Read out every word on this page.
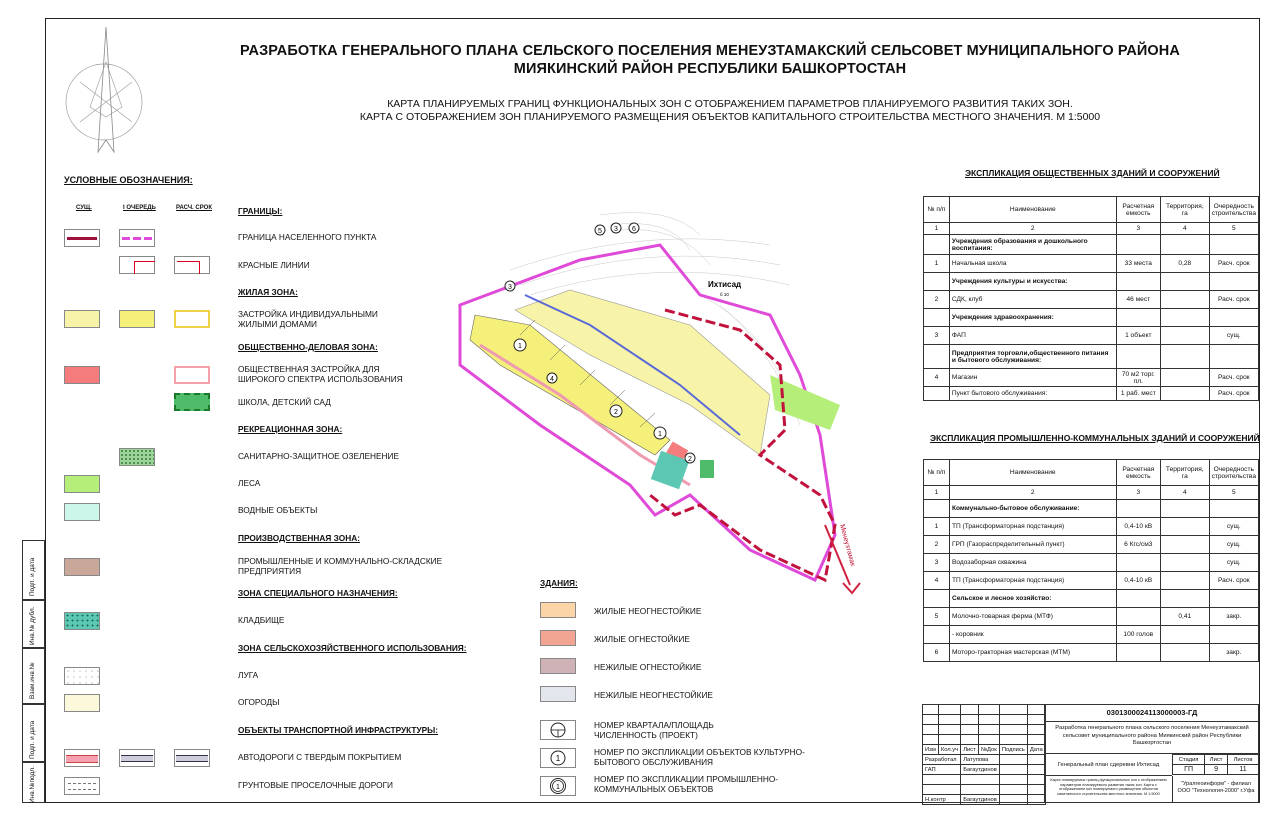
РАЗРАБОТКА ГЕНЕРАЛЬНОГО ПЛАНА СЕЛЬСКОГО ПОСЕЛЕНИЯ МЕНЕУЗТАМАКСКИЙ СЕЛЬСОВЕТ МУНИЦИПАЛЬНОГО РАЙОНА
МИЯКИНСКИЙ РАЙОН РЕСПУБЛИКИ БАШКОРТОСТАН
КАРТА ПЛАНИРУЕМЫХ ГРАНИЦ ФУНКЦИОНАЛЬНЫХ ЗОН С ОТОБРАЖЕНИЕМ ПАРАМЕТРОВ ПЛАНИРУЕМОГО РАЗВИТИЯ ТАКИХ ЗОН.
КАРТА С ОТОБРАЖЕНИЕМ ЗОН ПЛАНИРУЕМОГО РАЗМЕЩЕНИЯ ОБЪЕКТОВ КАПИТАЛЬНОГО СТРОИТЕЛЬСТВА МЕСТНОГО ЗНАЧЕНИЯ. М 1:5000
УСЛОВНЫЕ ОБОЗНАЧЕНИЯ:
СУЩ.	I ОЧЕРЕДЬ	РАСЧ. СРОК	ГРАНИЦЫ:
ГРАНИЦА НАСЕЛЕННОГО ПУНКТА
КРАСНЫЕ ЛИНИИ
ЖИЛАЯ ЗОНА:
ЗАСТРОЙКА ИНДИВИДУАЛЬНЫМИ
ЖИЛЫМИ ДОМАМИ
ОБЩЕСТВЕННО-ДЕЛОВАЯ ЗОНА:
ОБЩЕСТВЕННАЯ ЗАСТРОЙКА ДЛЯ
ШИРОКОГО СПЕКТРА ИСПОЛЬЗОВАНИЯ
ШКОЛА, ДЕТСКИЙ САД
РЕКРЕАЦИОННАЯ ЗОНА:
САНИТАРНО-ЗАЩИТНОЕ ОЗЕЛЕНЕНИЕ
ЛЕСА
ВОДНЫЕ ОБЪЕКТЫ
ПРОИЗВОДСТВЕННАЯ ЗОНА:
ПРОМЫШЛЕННЫЕ И КОММУНАЛЬНО-СКЛАДСКИЕ
ПРЕДПРИЯТИЯ
ЗОНА СПЕЦИАЛЬНОГО НАЗНАЧЕНИЯ:
КЛАДБИЩЕ
ЗОНА СЕЛЬСКОХОЗЯЙСТВЕННОГО ИСПОЛЬЗОВАНИЯ:
ЛУГА
ОГОРОДЫ
ОБЪЕКТЫ ТРАНСПОРТНОЙ ИНФРАСТРУКТУРЫ:
АВТОДОРОГИ С ТВЕРДЫМ ПОКРЫТИЕМ
ГРУНТОВЫЕ ПРОСЕЛОЧНЫЕ ДОРОГИ
ЗДАНИЯ:
ЖИЛЫЕ НЕОГНЕСТОЙКИЕ
ЖИЛЫЕ ОГНЕСТОЙКИЕ
НЕЖИЛЫЕ ОГНЕСТОЙКИЕ
НЕЖИЛЫЕ НЕОГНЕСТОЙКИЕ
НОМЕР КВАРТАЛА/ПЛОЩАДЬ
ЧИСЛЕННОСТЬ (ПРОЕКТ)
1
НОМЕР ПО ЭКСПЛИКАЦИИ ОБЪЕКТОВ КУЛЬТУРНО-
БЫТОВОГО ОБСЛУЖИВАНИЯ
1
НОМЕР ПО ЭКСПЛИКАЦИИ ПРОМЫШЛЕННО-
КОММУНАЛЬНЫХ ОБЪЕКТОВ
5 3 6
3
1
4
2
1
2
Ихтисад
б 10
Менеузтамак
ЭКСПЛИКАЦИЯ ОБЩЕСТВЕННЫХ ЗДАНИЙ И СООРУЖЕНИЙ
№ п/п	Наименование	Расчетная емкость	Территория, га	Очередность строительства
1	2	3	4	5
	Учреждения образования и дошкольного воспитания:			
1	Начальная школа	33 места	0,28	Расч. срок
	Учреждения культуры и искусства:			
2	СДК, клуб	46 мест		Расч. срок
	Учреждения здравоохранения:			
3	ФАП	1 объект		сущ.
	Предприятия торговли,общественного питания и бытового обслуживания:			
4	Магазин	70 м2 торг. пл.		Расч. срок
	Пункт бытового обслуживания:	1 раб. мест		Расч. срок
ЭКСПЛИКАЦИЯ ПРОМЫШЛЕННО-КОММУНАЛЬНЫХ ЗДАНИЙ И СООРУЖЕНИЙ
№ п/п	Наименование	Расчетная емкость	Территория, га	Очередность строительства
1	2	3	4	5
	Коммунально-бытовое обслуживание:			
1	ТП (Трансформаторная подстанция)	0,4-10 кВ		сущ.
2	ГРП (Газораспределительный пункт)	6 Кгс/см3		сущ.
3	Водозаборная скважина			сущ.
4	ТП (Трансформаторная подстанция)	0,4-10 кВ		Расч. срок
	Сельское и лесное хозяйство:			
5	Молочно-товарная ферма (МТФ)		0,41	закр.
	- коровник	100 голов		
6	Моторо-тракторная мастерская (МТМ)			закр.
Подп. и дата
Инв.№ дубл.
Взам.инв.№
Подп. и дата
Инв.№подл.
0301300024113000003-ГД
Разработка генерального плана сельского поселения Менеузтамакский сельсовет муниципального района Миякинский район Республики Башкортостан

Изм	Кол.уч	Лист	№Док	Подпись	Дата
Разработал		Латупова			
ГАП		Багаутдинов			

Н.контр		Багаутдинов			
Генеральный план сдеревни Ихтисад
Стадия	Лист	Листов
ГП	9	11
Карта планируемых границ функциональных зон с отображением параметров планируемого развития таких зон. Карта с отображением зон планируемого размещения объектов капитального строительства местного значения. М 1:5000
"Уралгеоинформ" - филиал ООО "Технология-2000" г.Уфа
